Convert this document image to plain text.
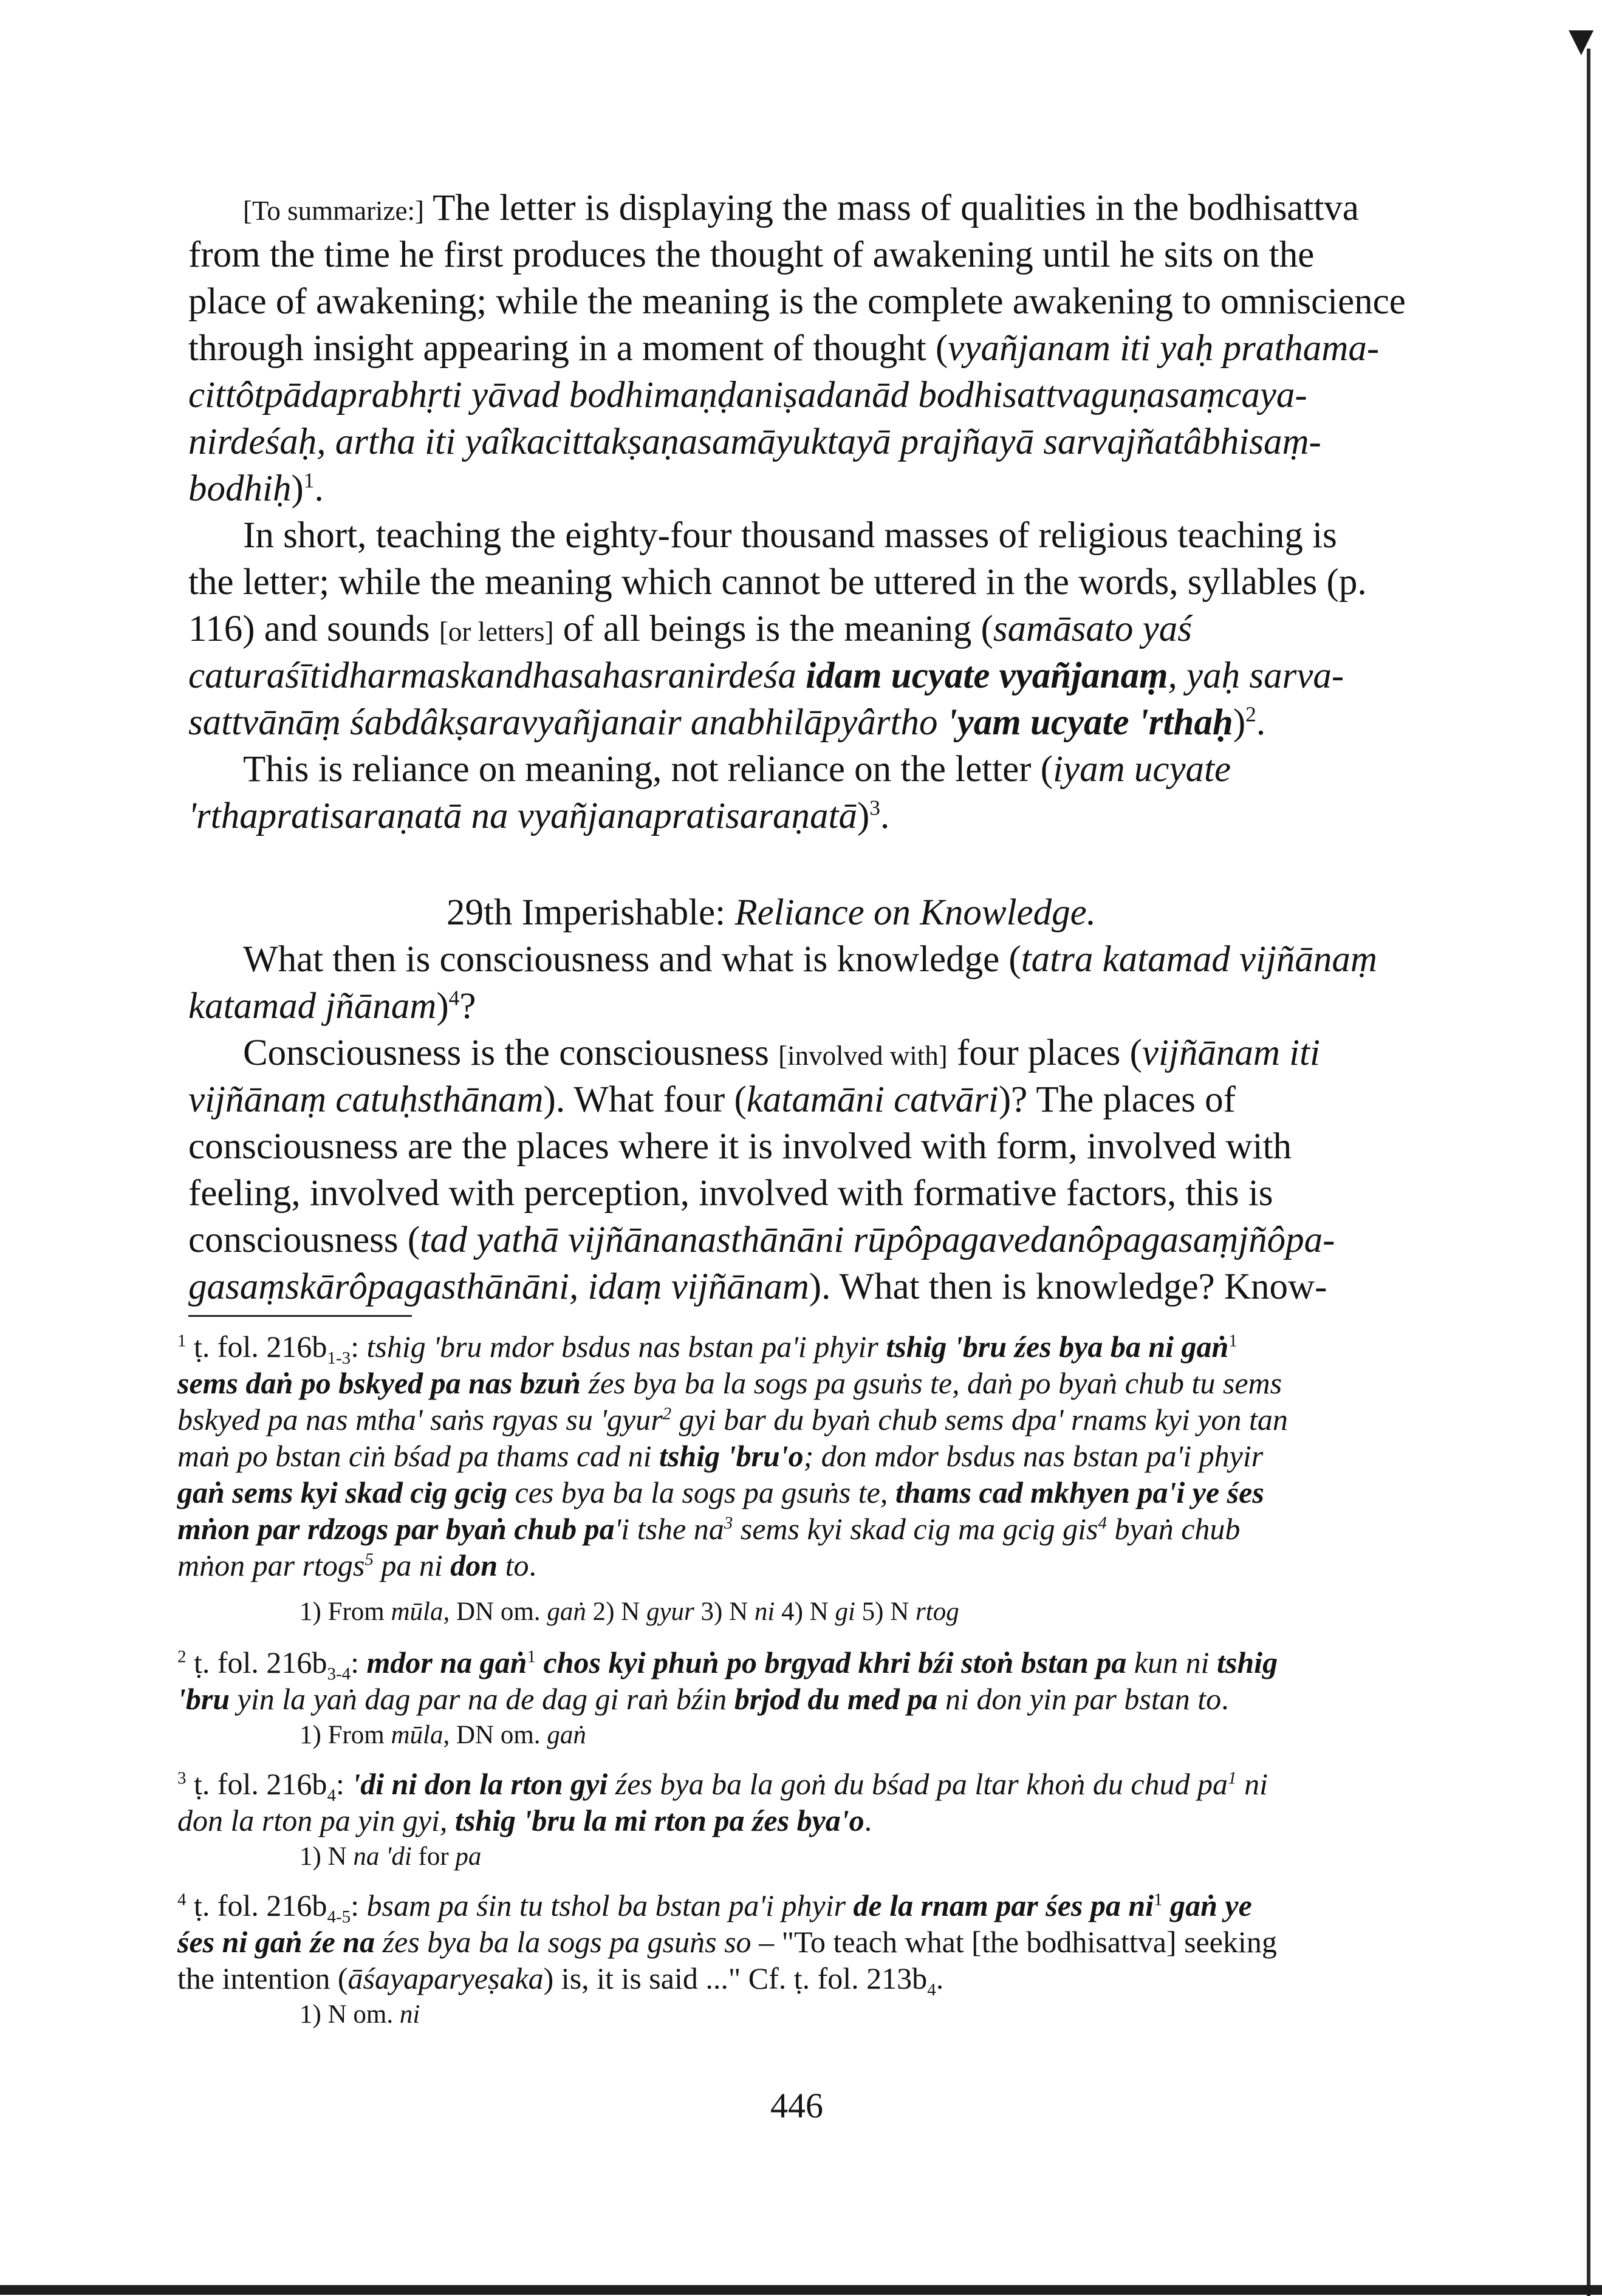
[To summarize:] The letter is displaying the mass of qualities in the bodhisattva
from the time he first produces the thought of awakening until he sits on the
place of awakening; while the meaning is the complete awakening to omniscience
through insight appearing in a moment of thought (vyañjanam iti yaḥ prathama-
cittôtpādaprabhṛti yāvad bodhimaṇḍaniṣadanād bodhisattvaguṇasaṃcaya-
nirdeśaḥ, artha iti yaîkacittakṣaṇasamāyuktayā prajñayā sarvajñatâbhisaṃ-
bodhiḥ)$^1$.
In short, teaching the eighty-four thousand masses of religious teaching is
the letter; while the meaning which cannot be uttered in the words, syllables (p.
116) and sounds [or letters] of all beings is the meaning (samāsato yaś
caturaśītidharmaskandhasahasranirdeśa idam ucyate vyañjanaṃ, yaḥ sarva-
sattvānāṃ śabdâkṣaravyañjanair anabhilāpyârtho 'yam ucyate 'rthaḥ)$^2$.
This is reliance on meaning, not reliance on the letter (iyam ucyate
'rthapratisaraṇatā na vyañjanapratisaraṇatā)$^3$.
29th Imperishable: Reliance on Knowledge.
What then is consciousness and what is knowledge (tatra katamad vijñānaṃ
katamad jñānam)$^4$?
Consciousness is the consciousness [involved with] four places (vijñānam iti
vijñānaṃ catuḥsthānam). What four (katamāni catvāri)? The places of
consciousness are the places where it is involved with form, involved with
feeling, involved with perception, involved with formative factors, this is
consciousness (tad yathā vijñānanasthānāni rūpôpagavedanôpagasaṃjñôpa-
gasaṃskārôpagasthānāni, idaṃ vijñānam). What then is knowledge? Know-
$^1$ ṭ. fol. $216b_{1-3}$: tshig 'bru mdor bsdus nas bstan pa'i phyir tshig 'bru źes bya ba ni gaṅ$^1$
sems daṅ po bskyed pa nas bzuṅ źes bya ba la sogs pa gsuṅs te, daṅ po byaṅ chub tu sems
bskyed pa nas mtha' saṅs rgyas su 'gyur$^2$ gyi bar du byaṅ chub sems dpa' rnams kyi yon tan
maṅ po bstan ciṅ bśad pa thams cad ni tshig 'bru'o; don mdor bsdus nas bstan pa'i phyir
gaṅ sems kyi skad cig gcig ces bya ba la sogs pa gsuṅs te, thams cad mkhyen pa'i ye śes
mṅon par rdzogs par byaṅ chub pa'i tshe $na^3$ sems kyi skad cig ma gcig gis$^4$ byaṅ chub
mṅon par rtogs$^5$ pa ni don to.
1) From mūla, DN om. gaṅ 2) N gyur 3) N ni 4) N gi 5) N rtog
$^2$ ṭ. fol. $216b_{3-4}$: mdor na gaṅ$^1$ chos kyi phuṅ po brgyad khri bźi stoṅ bstan pa kun ni tshig
'bru yin la yaṅ dag par na de dag gi raṅ bźin brjod du med pa ni don yin par bstan to.
1) From mūla, DN om. gaṅ
$^3$ ṭ. fol. $216b_4$: 'di ni don la rton gyi źes bya ba la goṅ du bśad pa ltar khoṅ du chud $pa^1$ ni
don la rton pa yin gyi, tshig 'bru la mi rton pa źes bya'o.
1) N na 'di for pa
$^4$ ṭ. fol. $216b_{4-5}$: bsam pa śin tu tshol ba bstan pa'i phyir de la rnam par śes pa $ni^1$ gaṅ ye
śes ni gaṅ źe na źes bya ba la sogs pa gsuṅs so – "To teach what [the bodhisattva] seeking
the intention (āśayaparyeṣaka) is, it is said ..." Cf. ṭ. fol. $213b_4$.
1) N om. ni
446
▼
